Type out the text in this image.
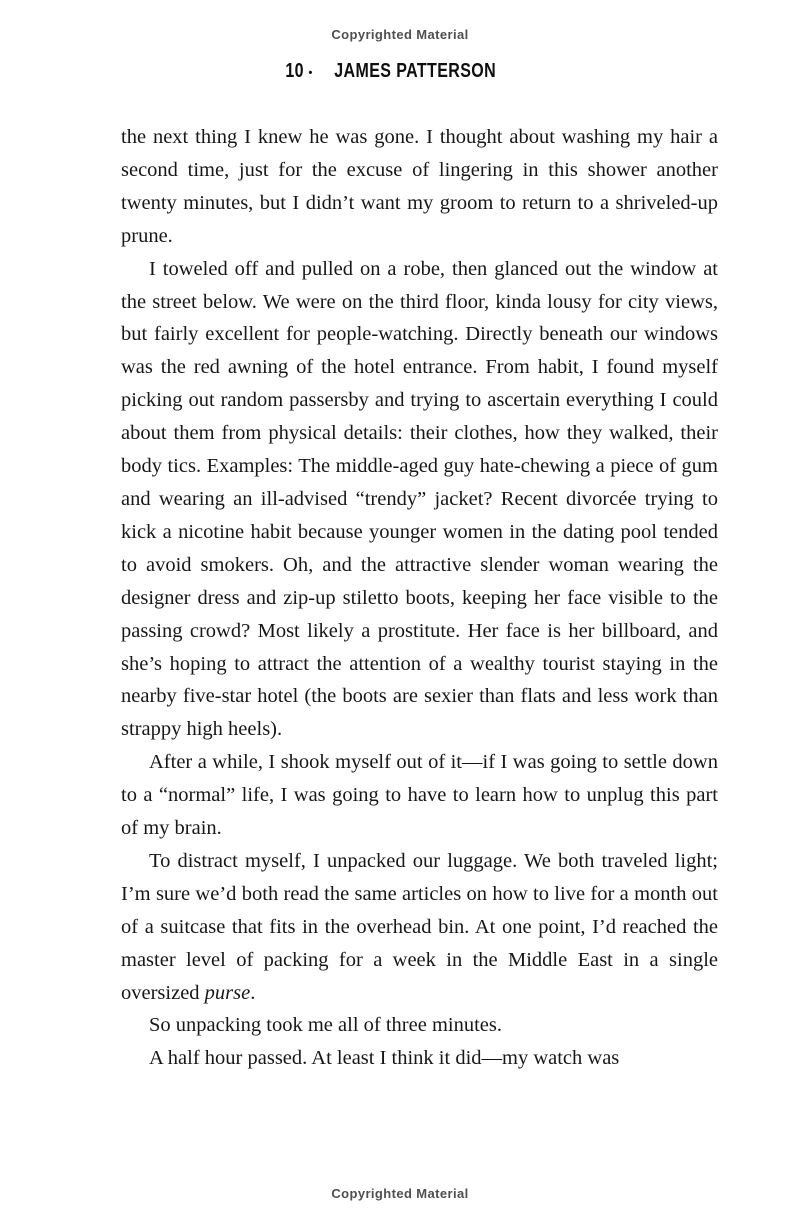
Copyrighted Material
10 • JAMES PATTERSON

the next thing I knew he was gone. I thought about washing my hair a second time, just for the excuse of lingering in this shower another twenty minutes, but I didn’t want my groom to return to a shriveled-up prune.

I toweled off and pulled on a robe, then glanced out the window at the street below. We were on the third floor, kinda lousy for city views, but fairly excellent for people-watching. Directly beneath our windows was the red awning of the hotel entrance. From habit, I found myself picking out random passersby and trying to ascertain everything I could about them from physical details: their clothes, how they walked, their body tics. Examples: The middle-aged guy hate-chewing a piece of gum and wearing an ill-advised “trendy” jacket? Recent divorcée trying to kick a nicotine habit because younger women in the dating pool tended to avoid smokers. Oh, and the attractive slender woman wearing the designer dress and zip-up stiletto boots, keeping her face visible to the passing crowd? Most likely a prostitute. Her face is her billboard, and she’s hoping to attract the attention of a wealthy tourist staying in the nearby five-star hotel (the boots are sexier than flats and less work than strappy high heels).

After a while, I shook myself out of it—if I was going to settle down to a “normal” life, I was going to have to learn how to unplug this part of my brain.

To distract myself, I unpacked our luggage. We both traveled light; I’m sure we’d both read the same articles on how to live for a month out of a suitcase that fits in the overhead bin. At one point, I’d reached the master level of packing for a week in the Middle East in a single oversized purse.

So unpacking took me all of three minutes.

A half hour passed. At least I think it did—my watch was

Copyrighted Material
